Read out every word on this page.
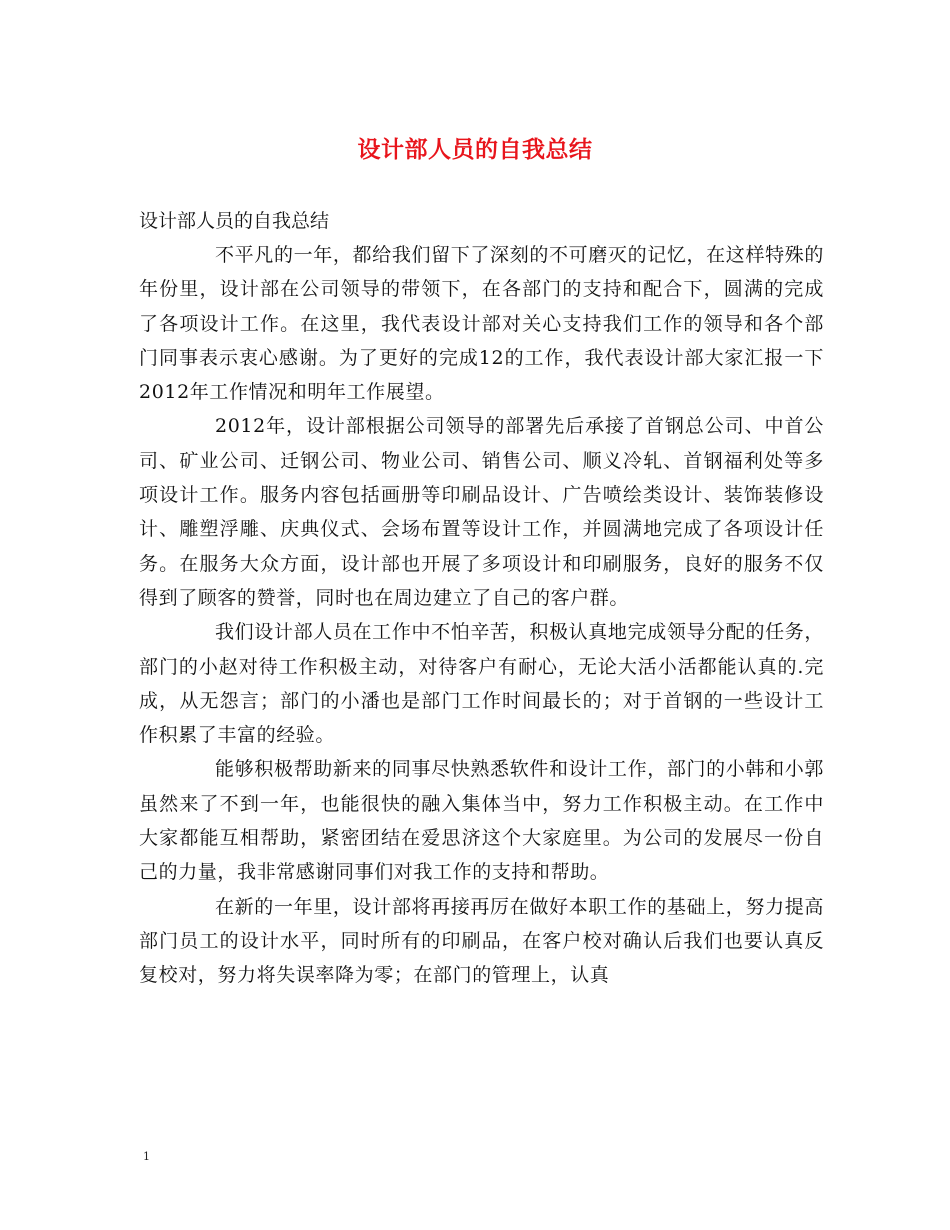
设计部人员的自我总结
设计部人员的自我总结

不平凡的一年，都给我们留下了深刻的不可磨灭的记忆，在这样特殊的年份里，设计部在公司领导的带领下，在各部门的支持和配合下，圆满的完成了各项设计工作。在这里，我代表设计部对关心支持我们工作的领导和各个部门同事表示衷心感谢。为了更好的完成12的工作，我代表设计部大家汇报一下2012年工作情况和明年工作展望。

2012年，设计部根据公司领导的部署先后承接了首钢总公司、中首公司、矿业公司、迁钢公司、物业公司、销售公司、顺义冷轧、首钢福利处等多项设计工作。服务内容包括画册等印刷品设计、广告喷绘类设计、装饰装修设计、雕塑浮雕、庆典仪式、会场布置等设计工作，并圆满地完成了各项设计任务。在服务大众方面，设计部也开展了多项设计和印刷服务，良好的服务不仅得到了顾客的赞誉，同时也在周边建立了自己的客户群。

我们设计部人员在工作中不怕辛苦，积极认真地完成领导分配的任务，部门的小赵对待工作积极主动，对待客户有耐心，无论大活小活都能认真的.完成，从无怨言；部门的小潘也是部门工作时间最长的；对于首钢的一些设计工作积累了丰富的经验。

能够积极帮助新来的同事尽快熟悉软件和设计工作，部门的小韩和小郭虽然来了不到一年，也能很快的融入集体当中，努力工作积极主动。在工作中大家都能互相帮助，紧密团结在爱思济这个大家庭里。为公司的发展尽一份自己的力量，我非常感谢同事们对我工作的支持和帮助。

在新的一年里，设计部将再接再厉在做好本职工作的基础上，努力提高部门员工的设计水平，同时所有的印刷品，在客户校对确认后我们也要认真反复校对，努力将失误率降为零；在部门的管理上，认真

1
